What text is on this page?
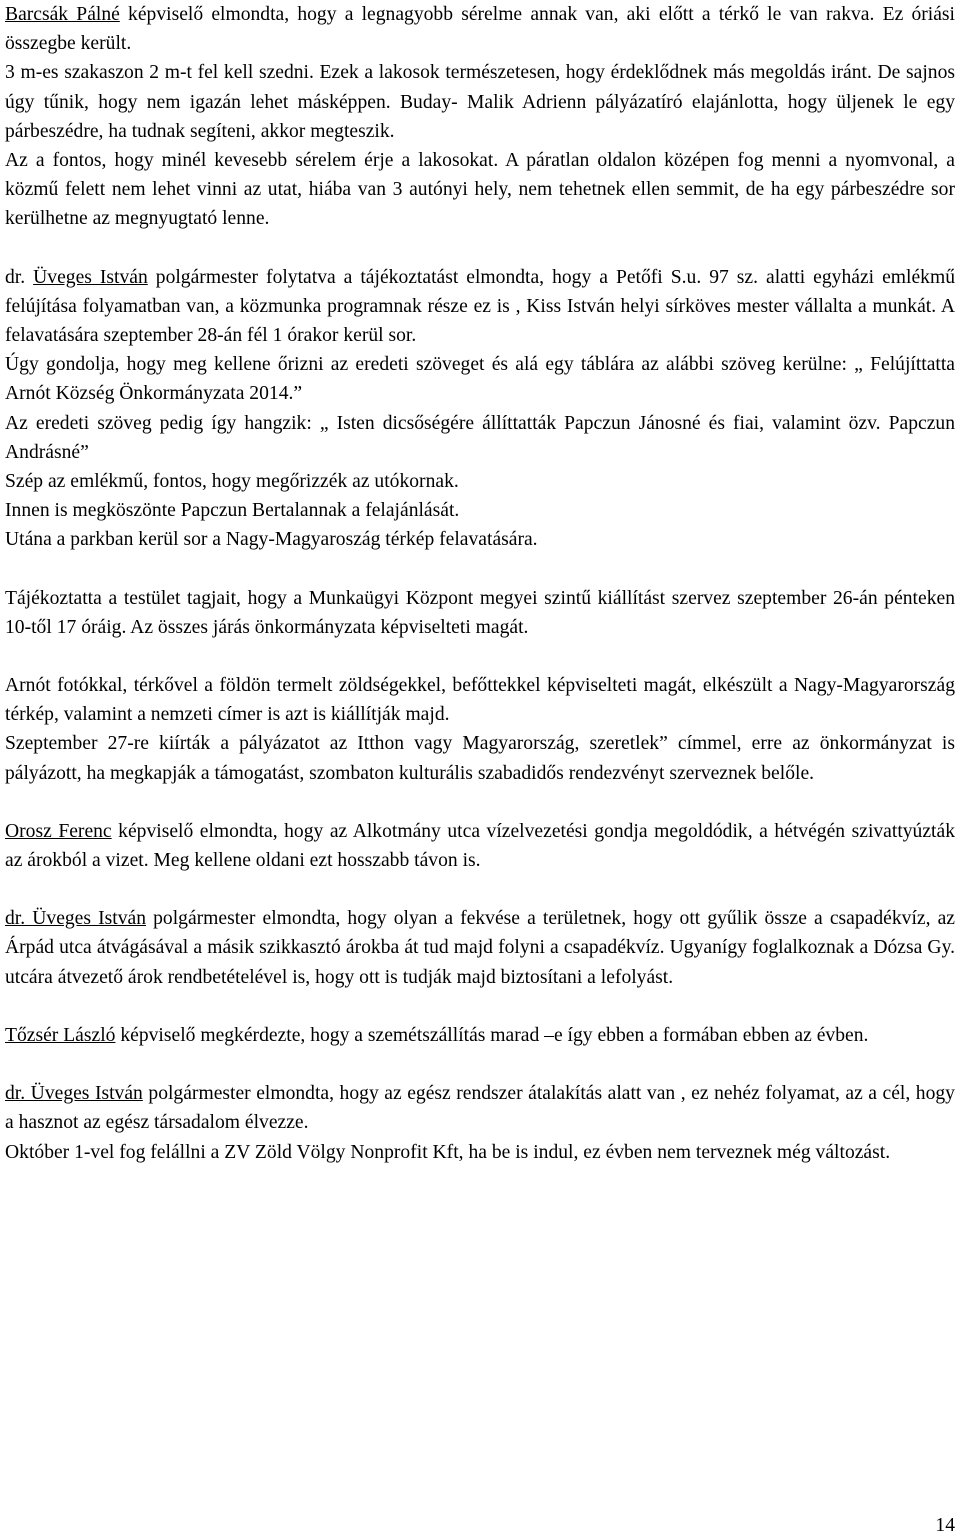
Barcsák Pálné képviselő elmondta, hogy a legnagyobb sérelme annak van, aki előtt a térkő le van rakva. Ez óriási összegbe került.

3 m-es szakaszon 2 m-t fel kell szedni. Ezek a lakosok természetesen, hogy érdeklődnek más megoldás iránt. De sajnos úgy tűnik, hogy nem igazán lehet másképpen. Buday- Malik Adrienn pályázatíró elajánlotta, hogy üljenek le egy párbeszédre, ha tudnak segíteni, akkor megteszik.

Az a fontos, hogy minél kevesebb sérelem érje a lakosokat. A páratlan oldalon középen fog menni a nyomvonal, a közmű felett nem lehet vinni az utat, hiába van 3 autónyi hely, nem tehetnek ellen semmit, de ha egy párbeszédre sor kerülhetne az megnyugtató lenne.

dr. Üveges István polgármester folytatva a tájékoztatást elmondta, hogy a Petőfi S.u. 97 sz. alatti egyházi emlékmű felújítása folyamatban van, a közmunka programnak része ez is , Kiss István helyi sírköves mester vállalta a munkát. A felavatására szeptember 28-án fél 1 órakor kerül sor.

Úgy gondolja, hogy meg kellene őrizni az eredeti szöveget és alá egy táblára az alábbi szöveg kerülne: „ Felújíttatta Arnót Község Önkormányzata 2014.”

Az eredeti szöveg pedig így hangzik: „ Isten dicsőségére állíttatták Papczun Jánosné és fiai, valamint özv. Papczun Andrásné”

Szép az emlékmű, fontos, hogy megőrizzék az utókornak.

Innen is megköszönte Papczun Bertalannak a felajánlását.

Utána a parkban kerül sor a Nagy-Magyaroszág térkép felavatására.

Tájékoztatta a testület tagjait, hogy a Munkaügyi Központ megyei szintű kiállítást szervez szeptember 26-án pénteken 10-től 17 óráig. Az összes járás önkormányzata képviselteti magát.

Arnót fotókkal, térkővel a földön termelt zöldségekkel, befőttekkel képviselteti magát, elkészült a Nagy-Magyarország térkép, valamint a nemzeti címer is azt is kiállítják majd.

Szeptember 27-re kiírták a pályázatot az Itthon vagy Magyarország, szeretlek” címmel, erre az önkormányzat is pályázott, ha megkapják a támogatást, szombaton kulturális szabadidős rendezvényt szerveznek belőle.

Orosz Ferenc képviselő elmondta, hogy az Alkotmány utca vízelvezetési gondja megoldódik, a hétvégén szivattyúzták az árokból a vizet. Meg kellene oldani ezt hosszabb távon is.

dr. Üveges István polgármester elmondta, hogy olyan a fekvése a területnek, hogy ott gyűlik össze a csapadékvíz, az Árpád utca átvágásával a másik szikkasztó árokba át tud majd folyni a csapadékvíz. Ugyanígy foglalkoznak a Dózsa Gy. utcára átvezető árok rendbetételével is, hogy ott is tudják majd biztosítani a lefolyást.

Tőzsér László képviselő megkérdezte, hogy a szemétszállítás marad –e így ebben a formában ebben az évben.

dr. Üveges István polgármester elmondta, hogy az egész rendszer átalakítás alatt van , ez nehéz folyamat, az a cél, hogy a hasznot az egész társadalom élvezze.

Október 1-vel fog felállni a ZV Zöld Völgy Nonprofit Kft, ha be is indul, ez évben nem terveznek még változást.

14
